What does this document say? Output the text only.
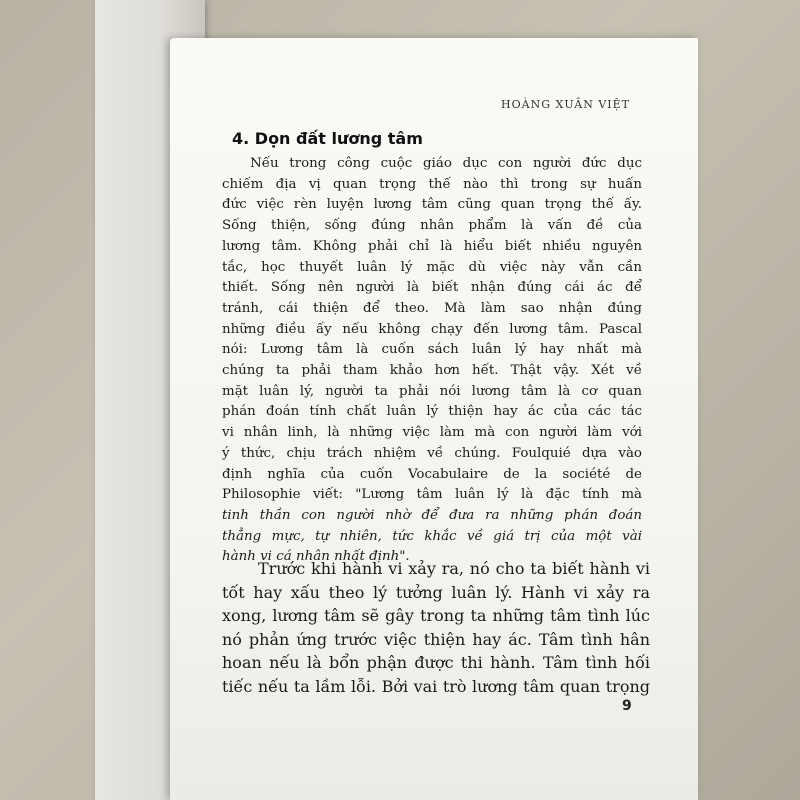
HOÀNG XUÂN VIỆT
4. Dọn đất lương tâm
Nếu trong công cuộc giáo dục con người đức dục
chiếm địa vị quan trọng thế nào thì trong sự huấn
đức việc rèn luyện lương tâm cũng quan trọng thế ấy.
Sống thiện, sống đúng nhân phẩm là vấn đề của
lương tâm. Không phải chỉ là hiểu biết nhiều nguyên
tắc, học thuyết luân lý mặc dù việc này vẫn cần
thiết. Sống nên người là biết nhận đúng cái ác để
tránh, cái thiện để theo. Mà làm sao nhận đúng
những điều ấy nếu không chạy đến lương tâm. Pascal
nói: Lương tâm là cuốn sách luân lý hay nhất mà
chúng ta phải tham khảo hơn hết. Thật vậy. Xét về
mặt luân lý, người ta phải nói lương tâm là cơ quan
phán đoán tính chất luân lý thiện hay ác của các tác
vi nhân linh, là những việc làm mà con người làm với
ý thức, chịu trách nhiệm về chúng. Foulquié dựa vào
định nghĩa của cuốn Vocabulaire de la société de
Philosophie viết: "Lương tâm luân lý là đặc tính mà
tinh thần con người nhờ để đưa ra những phán đoán
thẳng mực, tự nhiên, tức khắc về giá trị của một vài
hành vi cá nhân nhất định".
Trước khi hành vi xảy ra, nó cho ta biết hành vi
tốt hay xấu theo lý tưởng luân lý. Hành vi xảy ra
xong, lương tâm sẽ gây trong ta những tâm tình lúc
nó phản ứng trước việc thiện hay ác. Tâm tình hân
hoan nếu là bổn phận được thi hành. Tâm tình hối
tiếc nếu ta lầm lỗi. Bởi vai trò lương tâm quan trọng
9
